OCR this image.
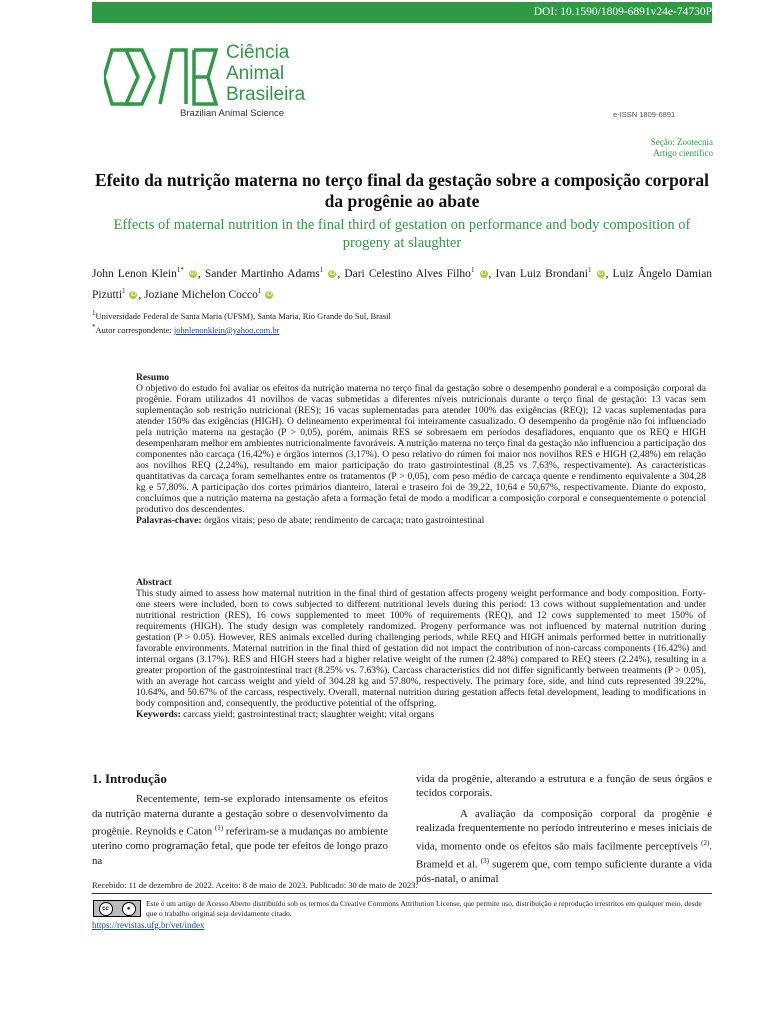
DOI: 10.1590/1809-6891v24e-74730P
Ciência
Animal
Brasileira
Brazilian Animal Science	e-ISSN 1809-6891
Seção: Zootecnia
Artigo científico
Efeito da nutrição materna no terço final da gestação sobre a composição corporal da progênie ao abate
Effects of maternal nutrition in the final third of gestation on performance and body composition of progeny at slaughter
John Lenon Klein$^{1*}$ iD , Sander Martinho Adams$^1$ iD , Dari Celestino Alves Filho$^1$ iD , Ivan Luiz Brondani$^1$ iD , Luiz Ângelo Damian Pizutti$^1$ iD , Joziane Michelon Cocco$^1$ iD
$^1$Universidade Federal de Santa Maria (UFSM), Santa Maria, Rio Grande do Sul, Brasil
*Autor correspondente: johnlenonklein@yahoo.com.br
Resumo

O objetivo do estudo foi avaliar os efeitos da nutrição materna no terço final da gestação sobre o desempenho ponderal e a composição corporal da progênie. Foram utilizados 41 novilhos de vacas submetidas a diferentes níveis nutricionais durante o terço final de gestação: 13 vacas sem suplementação sob restrição nutricional (RES); 16 vacas suplementadas para atender 100% das exigências (REQ); 12 vacas suplementadas para atender 150% das exigências (HIGH). O delineamento experimental foi inteiramente casualizado. O desempenho da progênie não foi influenciado pela nutrição materna na gestação (P > 0,05), porém, animais RES se sobresaem em períodos desafiadores, enquanto que os REQ e HIGH desempenharam melhor em ambientes nutricionalmente favoráveis. A nutrição materna no terço final da gestação não influenciou a participação dos componentes não carcaça (16,42%) e órgãos internos (3,17%). O peso relativo do rúmen foi maior nos novilhos RES e HIGH (2,48%) em relação aos novilhos REQ (2,24%), resultando em maior participação do trato gastrointestinal (8,25 vs 7,63%, respectivamente). As características quantitativas da carcaça foram semelhantes entre os tratamentos (P > 0,05), com peso médio de carcaça quente e rendimento equivalente a 304,28 kg e 57,80%. A participação dos cortes primários dianteiro, lateral e traseiro foi de 39,22, 10,64 e 50,67%, respectivamente. Diante do exposto, concluímos que a nutrição materna na gestação afeta a formação fetal de modo a modificar a composição corporal e consequentemente o potencial produtivo dos descendentes.

Palavras-chave: órgãos vitais; peso de abate; rendimento de carcaça; trato gastrointestinal

Abstract

This study aimed to assess how maternal nutrition in the final third of gestation affects progeny weight performance and body composition. Forty-one steers were included, born to cows subjected to different nutritional levels during this period: 13 cows without supplementation and under nutritional restriction (RES), 16 cows supplemented to meet 100% of requirements (REQ), and 12 cows supplemented to meet 150% of requirements (HIGH). The study design was completely randomized. Progeny performance was not influenced by maternal nutrition during gestation (P > 0.05). However, RES animals excelled during challenging periods, while REQ and HIGH animals performed better in nutritionally favorable environments. Maternal nutrition in the final third of gestation did not impact the contribution of non-carcass components (16.42%) and internal organs (3.17%). RES and HIGH steers had a higher relative weight of the rumen (2.48%) compared to REQ steers (2.24%), resulting in a greater proportion of the gastrointestinal tract (8.25% vs. 7.63%). Carcass characteristics did not differ significantly between treatments (P > 0.05), with an average hot carcass weight and yield of 304.28 kg and 57.80%, respectively. The primary fore, side, and hind cuts represented 39.22%, 10.64%, and 50.67% of the carcass, respectively. Overall, maternal nutrition during gestation affects fetal development, leading to modifications in body composition and, consequently, the productive potential of the offspring.

Keywords: carcass yield; gastrointestinal tract; slaughter weight; vital organs

1. Introdução

Recentemente, tem-se explorado intensamente os efeitos da nutrição materna durante a gestação sobre o desenvolvimento da progênie. Reynolds e Caton $^{(1)}$ referiram-se a mudanças no ambiente uterino como programação fetal, que pode ter efeitos de longo prazo na

vida da progênie, alterando a estrutura e a função de seus órgãos e tecidos corporais.

A avaliação da composição corporal da progênie é realizada frequentemente no período intreuterino e meses iniciais de vida, momento onde os efeitos são mais facilmente perceptíveis $^{(2)}$. Brameld et al. $^{(3)}$ sugerem que, com tempo suficiente durante a vida pós-natal, o animal

Recebido: 11 de dezembro de 2022. Aceito: 8 de maio de 2023. Publicado: 30 de maio de 2023.
cc	●
Este é um artigo de Acesso Aberto distribuído sob os termos da Creative Commons Attribution License, que permite uso, distribuição e reprodução irrestritos em qualquer meio, desde que o trabalho original seja devidamente citado.
https://revistas.ufg.br/vet/index
